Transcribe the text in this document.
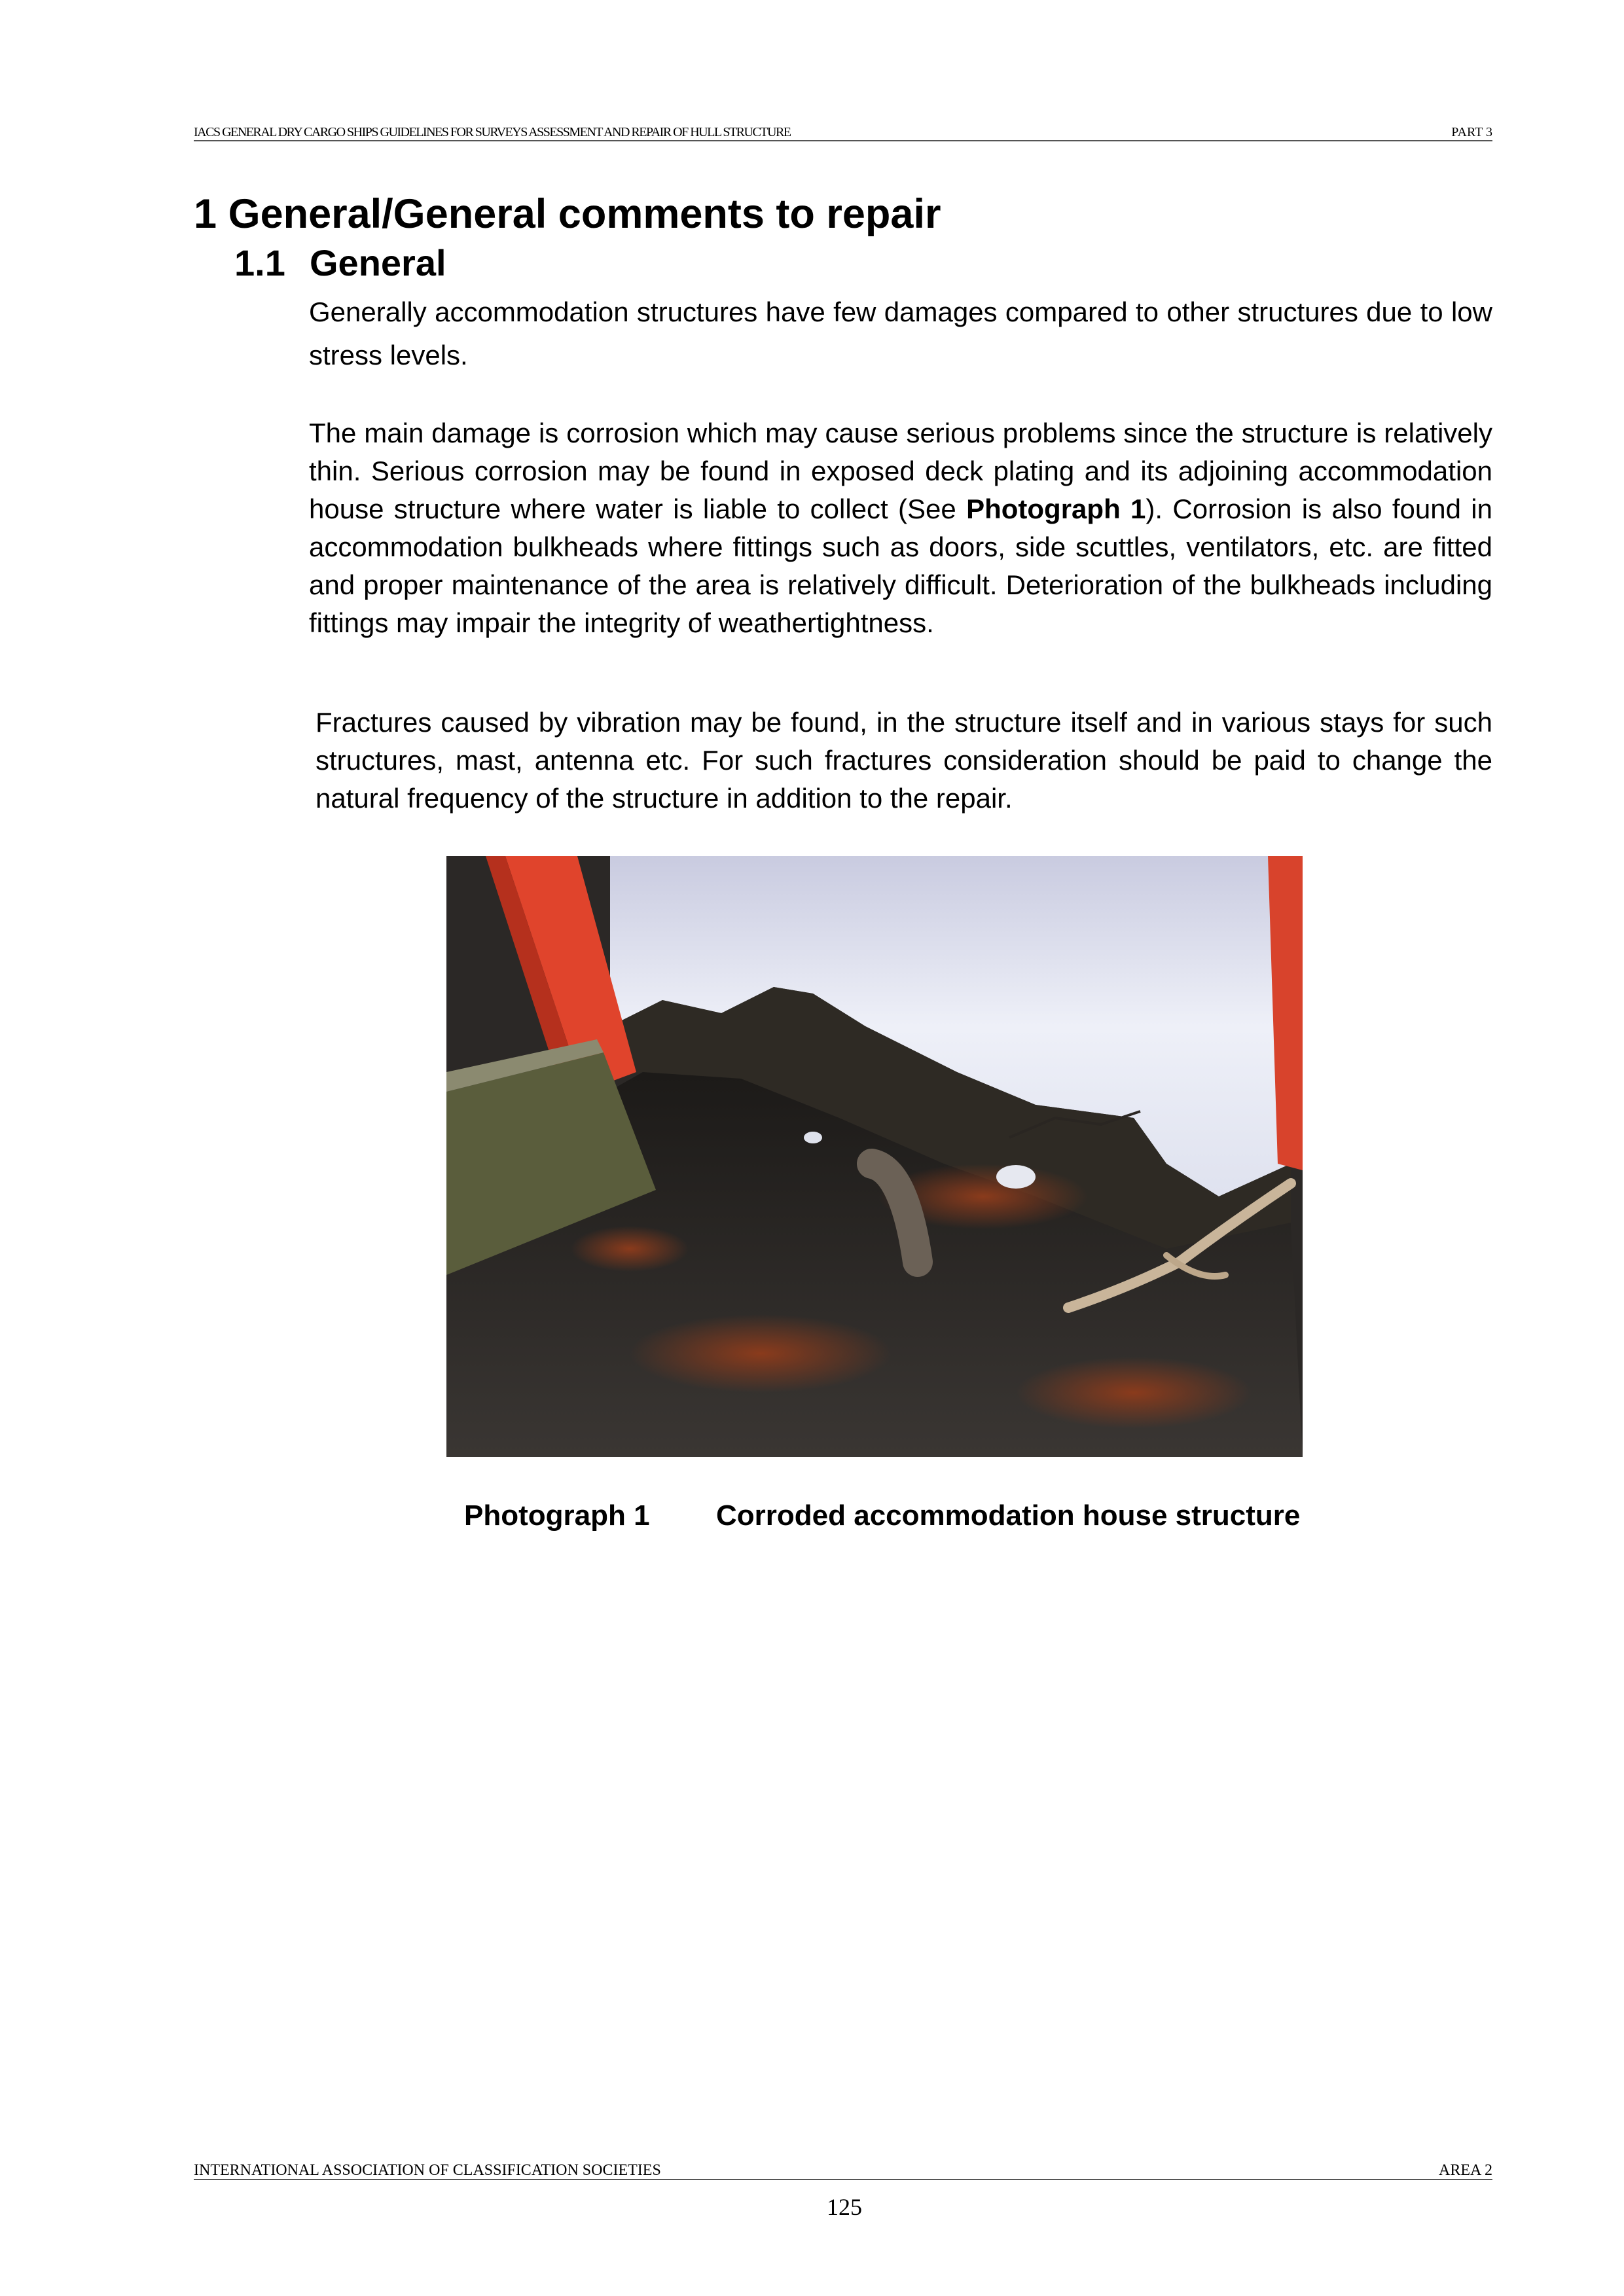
IACS GENERAL DRY CARGO SHIPS GUIDELINES FOR SURVEYS ASSESSMENT AND REPAIR OF HULL STRUCTURE	PART 3
1 General/General comments to repair
1.1 General
Generally accommodation structures have few damages compared to other structures due to low stress levels.
The main damage is corrosion which may cause serious problems since the structure is relatively thin. Serious corrosion may be found in exposed deck plating and its adjoining accommodation house structure where water is liable to collect (See Photograph 1). Corrosion is also found in accommodation bulkheads where fittings such as doors, side scuttles, ventilators, etc. are fitted and proper maintenance of the area is relatively difficult. Deterioration of the bulkheads including fittings may impair the integrity of weathertightness.
Fractures caused by vibration may be found, in the structure itself and in various stays for such structures, mast, antenna etc. For such fractures consideration should be paid to change the natural frequency of the structure in addition to the repair.
Photograph 1 Corroded accommodation house structure
INTERNATIONAL ASSOCIATION OF CLASSIFICATION SOCIETIES	AREA 2
125
